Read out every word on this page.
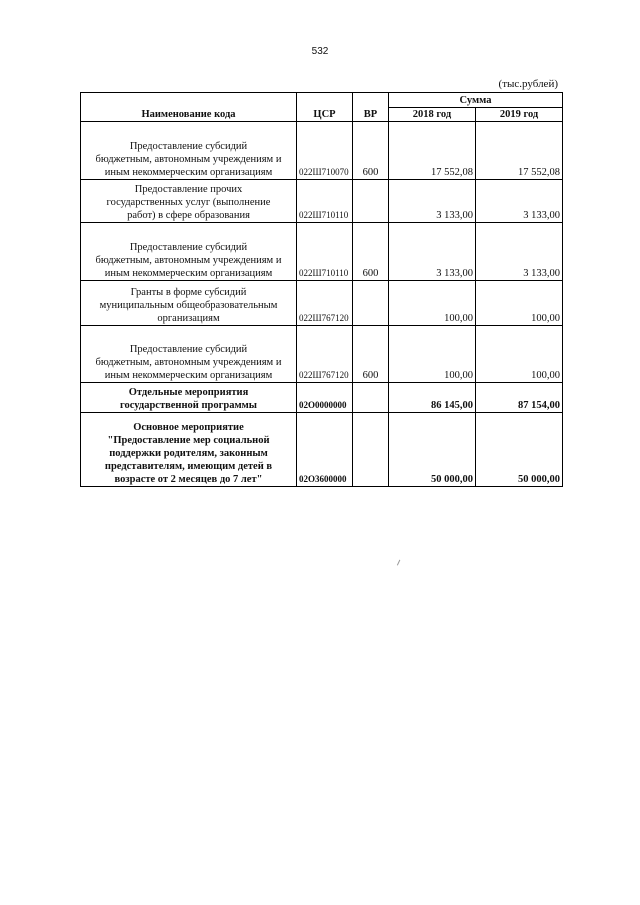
532
(тыс.рублей)
Наименование кода	ЦСР	ВР	Сумма	
			2018 год	2019 год

Предоставление субсидий
бюджетным, автономным учреждениям и
иным некоммерческим организациям	022Ш710070	600	17 552,08	17 552,08

Предоставление прочих
государственных услуг (выполнение
работ) в сфере образования	022Ш710110		3 133,00	3 133,00

Предоставление субсидий
бюджетным, автономным учреждениям и
иным некоммерческим организациям	022Ш710110	600	3 133,00	3 133,00

Гранты в форме субсидий
муниципальным общеобразовательным
организациям	022Ш767120		100,00	100,00

Предоставление субсидий
бюджетным, автономным учреждениям и
иным некоммерческим организациям	022Ш767120	600	100,00	100,00

Отдельные мероприятия
государственной программы	02О0000000		86 145,00	87 154,00

Основное мероприятие
"Предоставление мер социальной
поддержки родителям, законным
представителям, имеющим детей в
возрасте от 2 месяцев до 7 лет"	02О3600000		50 000,00	50 000,00
